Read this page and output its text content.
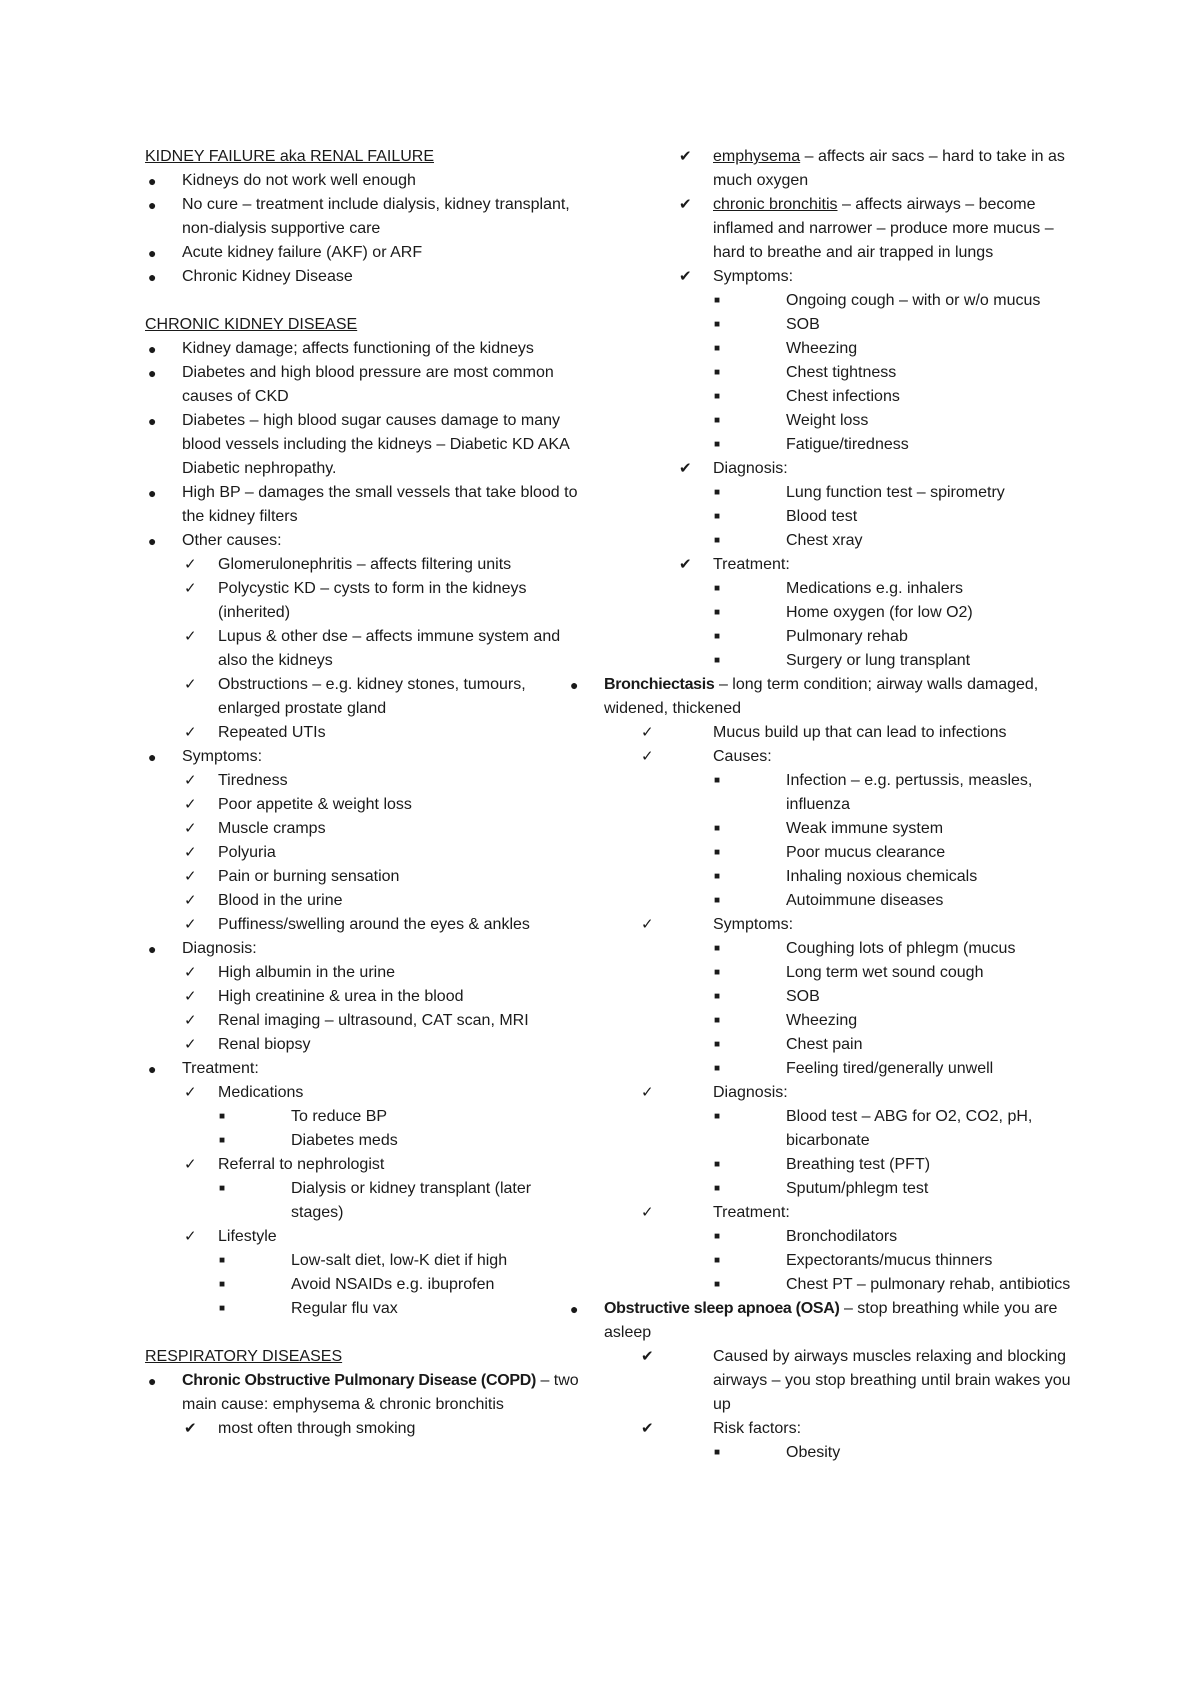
KIDNEY FAILURE aka RENAL FAILURE
● Kidneys do not work well enough
● No cure – treatment include dialysis, kidney transplant, non-dialysis supportive care
● Acute kidney failure (AKF) or ARF
● Chronic Kidney Disease
CHRONIC KIDNEY DISEASE
● Kidney damage; affects functioning of the kidneys
● Diabetes and high blood pressure are most common causes of CKD
● Diabetes – high blood sugar causes damage to many blood vessels including the kidneys – Diabetic KD AKA Diabetic nephropathy.
● High BP – damages the small vessels that take blood to the kidney filters
● Other causes:
✓ Glomerulonephritis – affects filtering units
✓ Polycystic KD – cysts to form in the kidneys (inherited)
✓ Lupus & other dse – affects immune system and also the kidneys
✓ Obstructions – e.g. kidney stones, tumours, enlarged prostate gland
✓ Repeated UTIs
● Symptoms:
✓ Tiredness
✓ Poor appetite & weight loss
✓ Muscle cramps
✓ Polyuria
✓ Pain or burning sensation
✓ Blood in the urine
✓ Puffiness/swelling around the eyes & ankles
● Diagnosis:
✓ High albumin in the urine
✓ High creatinine & urea in the blood
✓ Renal imaging – ultrasound, CAT scan, MRI
✓ Renal biopsy
● Treatment:
✓ Medications
■	To reduce BP
■	Diabetes meds
✓ Referral to nephrologist
■	Dialysis or kidney transplant (later stages)
✓ Lifestyle
■	Low-salt diet, low-K diet if high
■	Avoid NSAIDs e.g. ibuprofen
■	Regular flu vax
RESPIRATORY DISEASES
● Chronic Obstructive Pulmonary Disease (COPD) – two main cause: emphysema & chronic bronchitis
✔ most often through smoking
✔ emphysema – affects air sacs – hard to take in as much oxygen
✔ chronic bronchitis – affects airways – become inflamed and narrower – produce more mucus – hard to breathe and air trapped in lungs
✔ Symptoms:
■	Ongoing cough – with or w/o mucus
■	SOB
■	Wheezing
■	Chest tightness
■	Chest infections
■	Weight loss
■	Fatigue/tiredness
✔ Diagnosis:
■	Lung function test – spirometry
■	Blood test
■	Chest xray
✔ Treatment:
■	Medications e.g. inhalers
■	Home oxygen (for low O2)
■	Pulmonary rehab
■	Surgery or lung transplant
● Bronchiectasis – long term condition; airway walls damaged, widened, thickened
✓	Mucus build up that can lead to infections
✓	Causes:
■	Infection – e.g. pertussis, measles, influenza
■	Weak immune system
■	Poor mucus clearance
■	Inhaling noxious chemicals
■	Autoimmune diseases
✓	Symptoms:
■	Coughing lots of phlegm (mucus
■	Long term wet sound cough
■	SOB
■	Wheezing
■	Chest pain
■	Feeling tired/generally unwell
✓	Diagnosis:
■	Blood test – ABG for O2, CO2, pH, bicarbonate
■	Breathing test (PFT)
■	Sputum/phlegm test
✓	Treatment:
■	Bronchodilators
■	Expectorants/mucus thinners
■	Chest PT – pulmonary rehab, antibiotics
● Obstructive sleep apnoea (OSA) – stop breathing while you are asleep
✔	Caused by airways muscles relaxing and blocking airways – you stop breathing until brain wakes you up
✔	Risk factors:
■	Obesity
